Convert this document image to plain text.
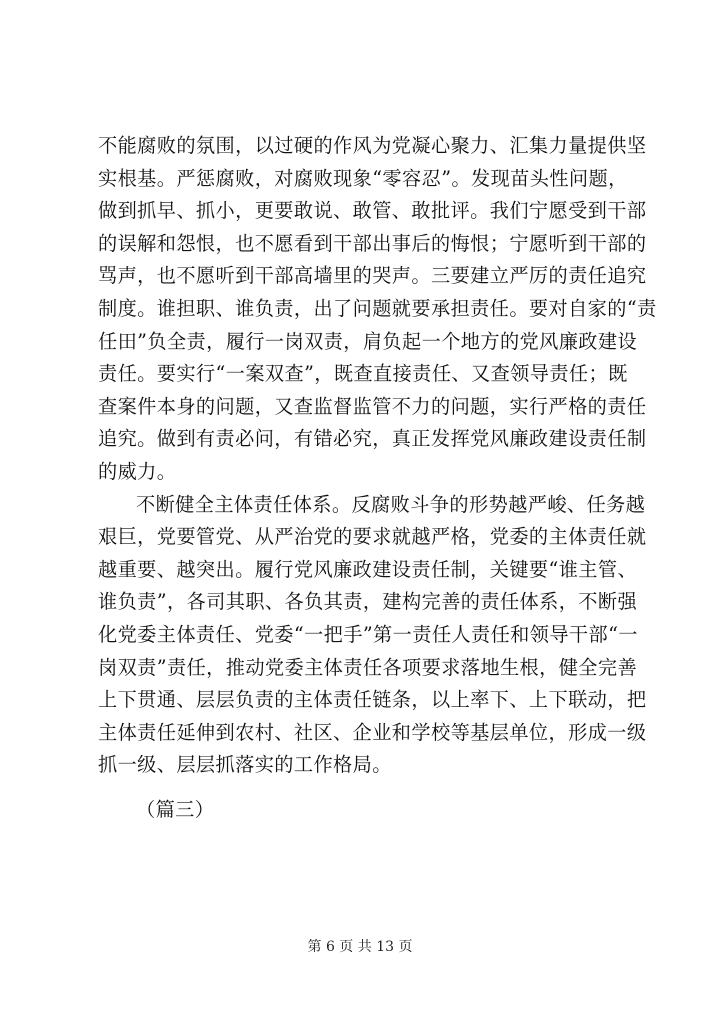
不能腐败的氛围，以过硬的作风为党凝心聚力、汇集力量提供坚
实根基。严惩腐败，对腐败现象“零容忍”。发现苗头性问题，
做到抓早、抓小，更要敢说、敢管、敢批评。我们宁愿受到干部
的误解和怨恨，也不愿看到干部出事后的悔恨；宁愿听到干部的
骂声，也不愿听到干部高墙里的哭声。三要建立严厉的责任追究
制度。谁担职、谁负责，出了问题就要承担责任。要对自家的“责
任田”负全责，履行一岗双责，肩负起一个地方的党风廉政建设
责任。要实行“一案双查”，既查直接责任、又查领导责任；既
查案件本身的问题，又查监督监管不力的问题，实行严格的责任
追究。做到有责必问，有错必究，真正发挥党风廉政建设责任制
的威力。
不断健全主体责任体系。反腐败斗争的形势越严峻、任务越
艰巨，党要管党、从严治党的要求就越严格，党委的主体责任就
越重要、越突出。履行党风廉政建设责任制，关键要“谁主管、
谁负责”，各司其职、各负其责，建构完善的责任体系，不断强
化党委主体责任、党委“一把手”第一责任人责任和领导干部“一
岗双责”责任，推动党委主体责任各项要求落地生根，健全完善
上下贯通、层层负责的主体责任链条，以上率下、上下联动，把
主体责任延伸到农村、社区、企业和学校等基层单位，形成一级
抓一级、层层抓落实的工作格局。
（篇三）
第 6 页 共 13 页
